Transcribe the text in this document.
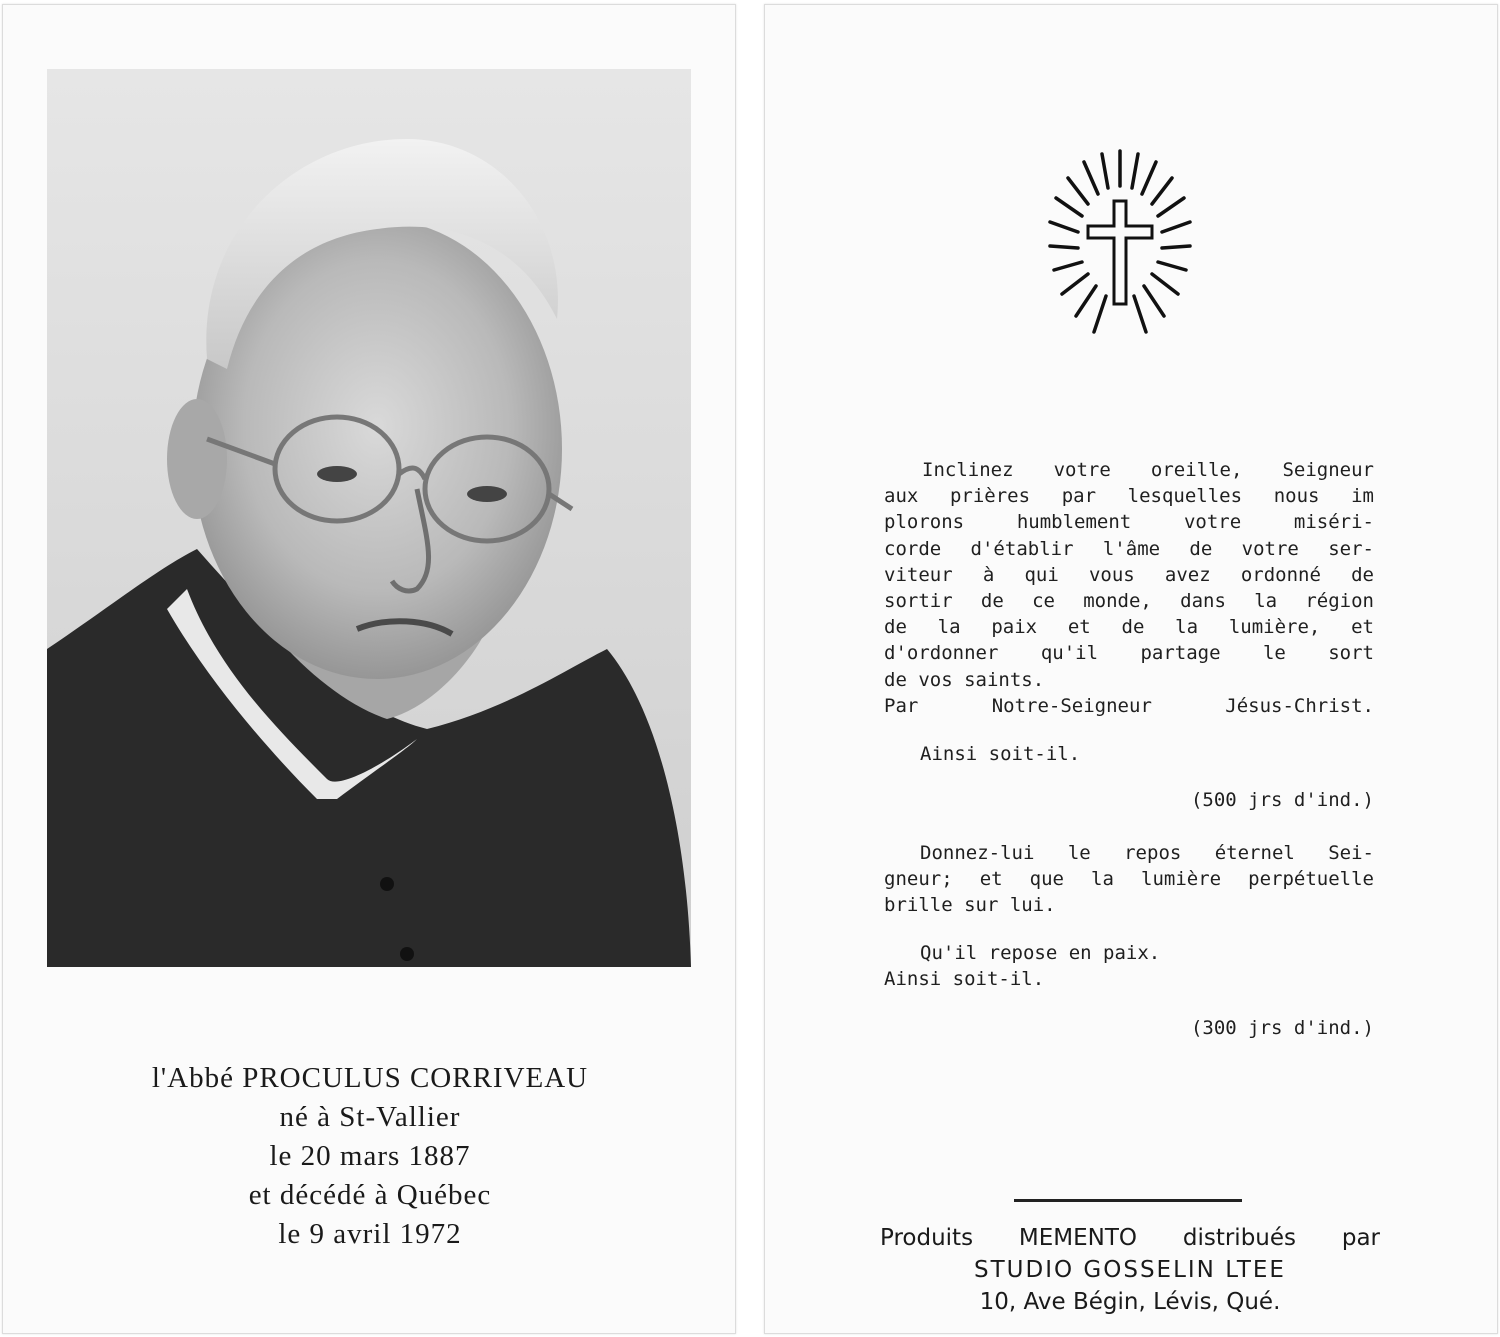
l'Abbé PROCULUS CORRIVEAU
né à St-Vallier
le 20 mars 1887
et décédé à Québec
le 9 avril 1972
Inclinez votre oreille, Seigneur
aux prières par lesquelles nous im
plorons humblement votre miséri-
corde d'établir l'âme de votre ser-
viteur à qui vous avez ordonné de
sortir de ce monde, dans la région
de la paix et de la lumière, et
d'ordonner qu'il partage le sort
de vos saints.
Par Notre-Seigneur Jésus-Christ.
Ainsi soit-il.
(500 jrs d'ind.)
Donnez-lui le repos éternel Sei-
gneur; et que la lumière perpétuelle
brille sur lui.
Qu'il repose en paix.
Ainsi soit-il.
(300 jrs d'ind.)
Produits MEMENTO distribués par
STUDIO GOSSELIN LTEE
10, Ave Bégin, Lévis, Qué.
